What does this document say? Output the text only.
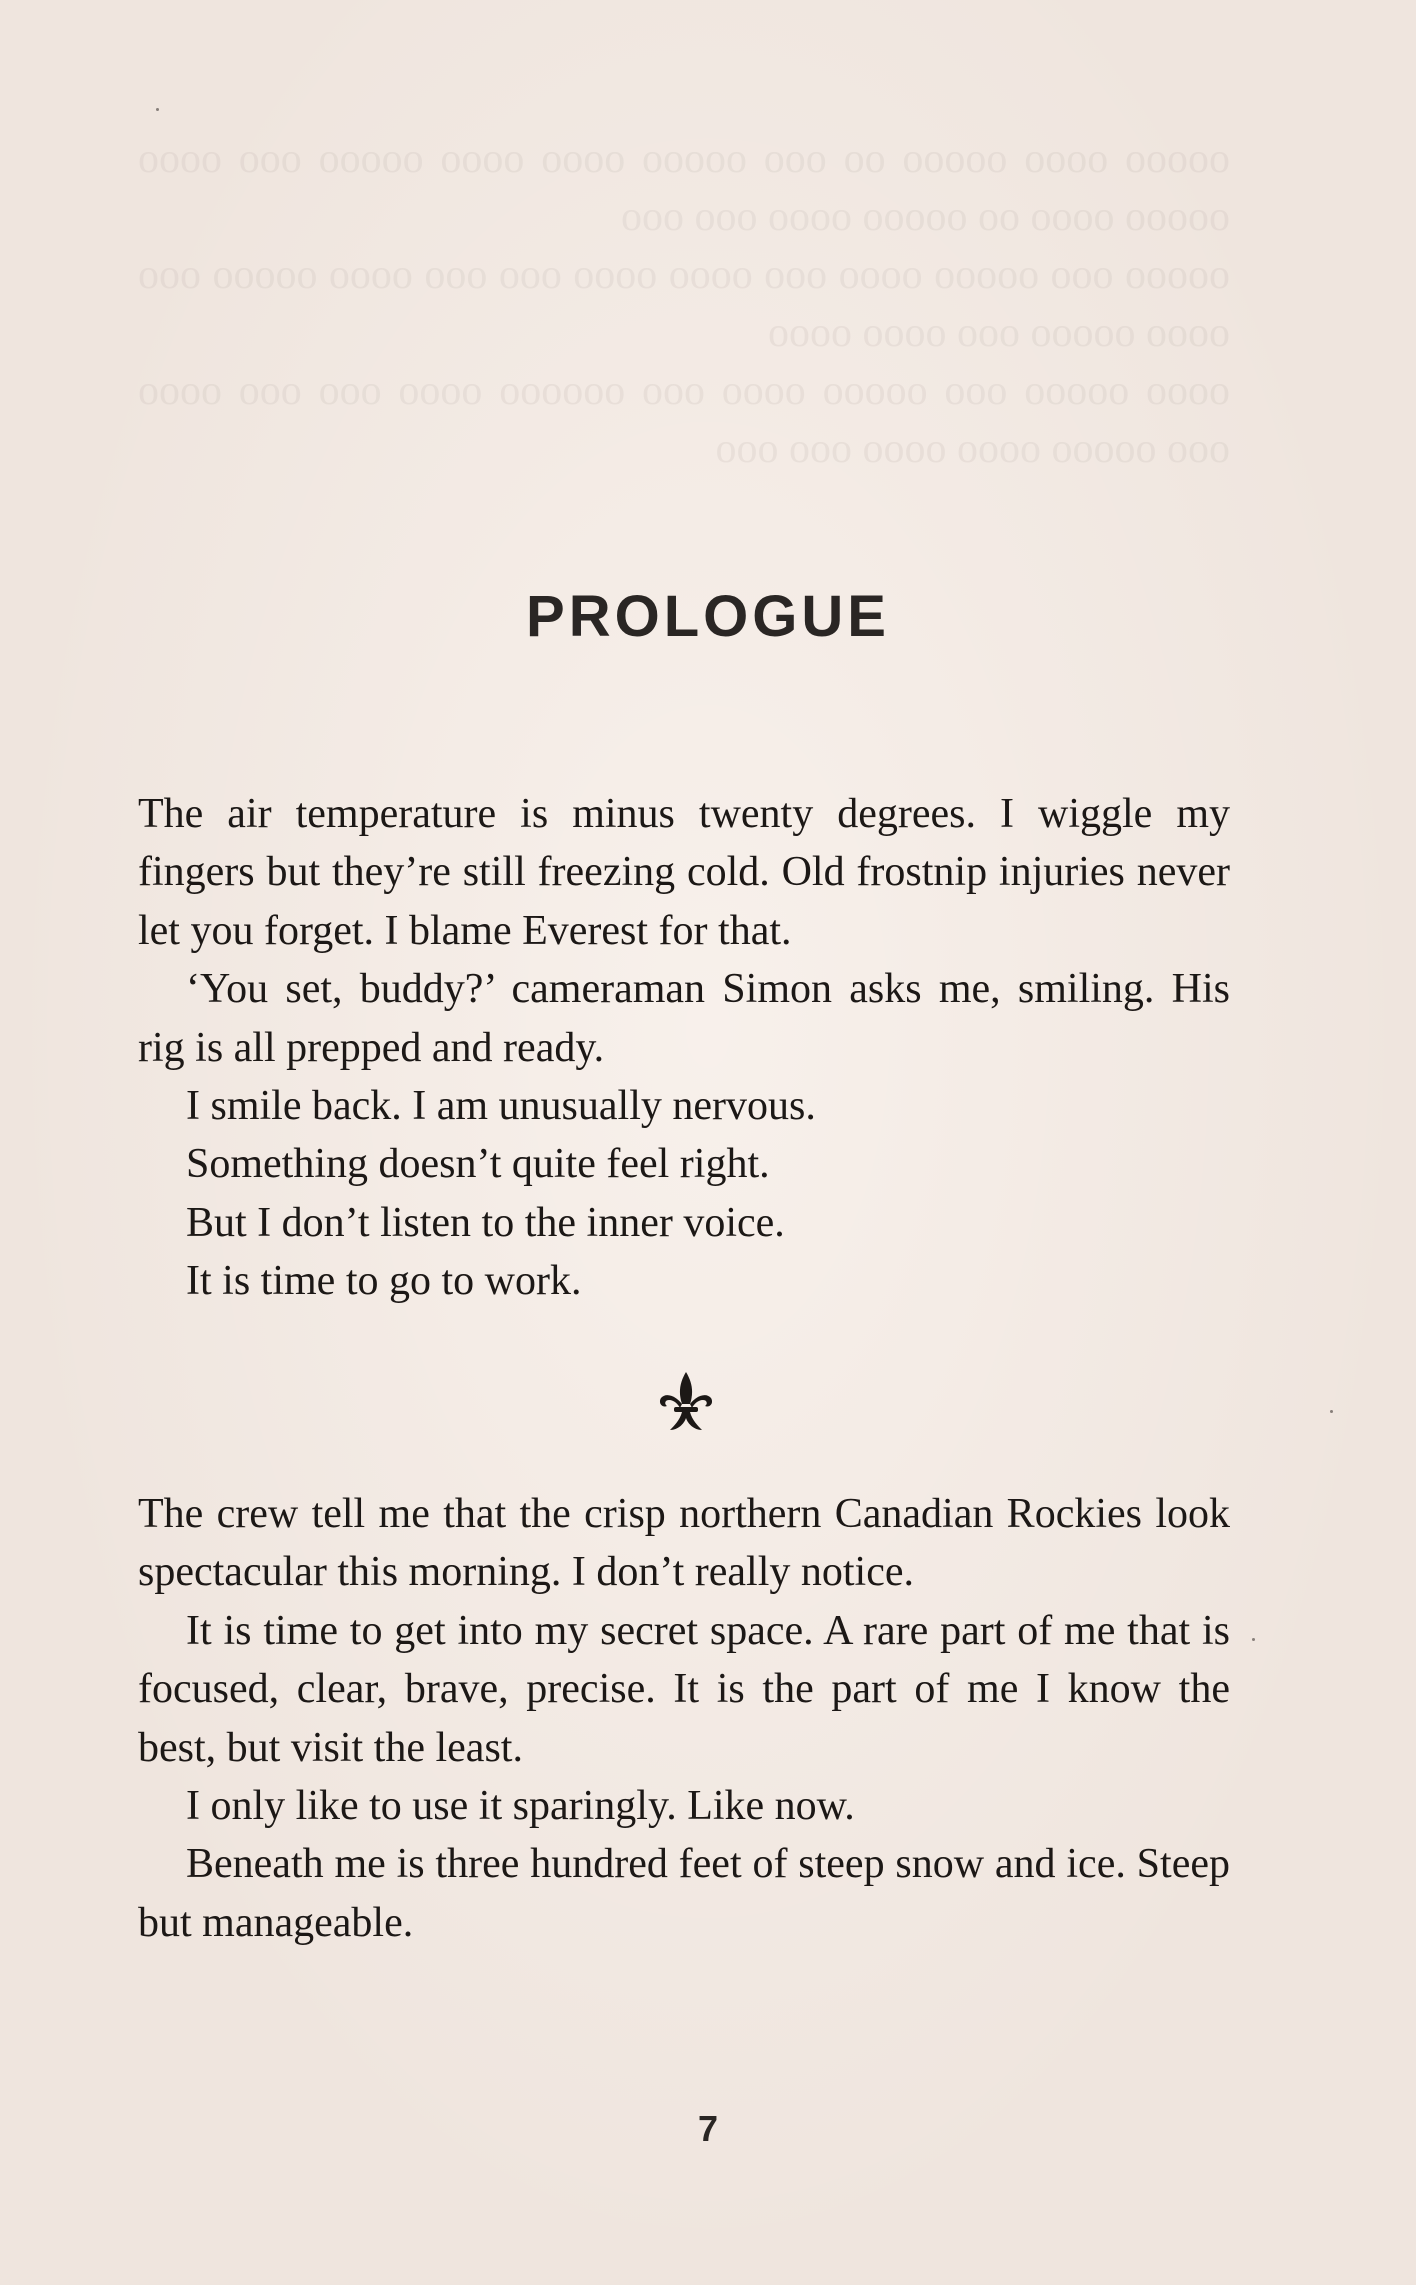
ooooo oooo ooooo oo ooo ooooo oooo oooo ooooo ooo oooo ooooo oooo oo ooooo oooo ooo ooo

ooooo ooo ooooo oooo ooo oooo oooo ooo ooo oooo ooooo ooo oooo ooooo ooo oooo oooo

oooo ooooo ooo ooooo oooo ooo oooooo oooo ooo ooo oooo ooo ooooo oooo oooo ooo ooo

PROLOGUE

The air temperature is minus twenty degrees. I wiggle my fingers but they’re still freezing cold. Old frostnip injuries never let you forget. I blame Everest for that.

‘You set, buddy?’ cameraman Simon asks me, smiling. His rig is all prepped and ready.

I smile back. I am unusually nervous.

Something doesn’t quite feel right.

But I don’t listen to the inner voice.

It is time to go to work.

The crew tell me that the crisp northern Canadian Rockies look spectacular this morning. I don’t really notice.

It is time to get into my secret space. A rare part of me that is focused, clear, brave, precise. It is the part of me I know the best, but visit the least.

I only like to use it sparingly. Like now.

Beneath me is three hundred feet of steep snow and ice. Steep but manageable.

7
